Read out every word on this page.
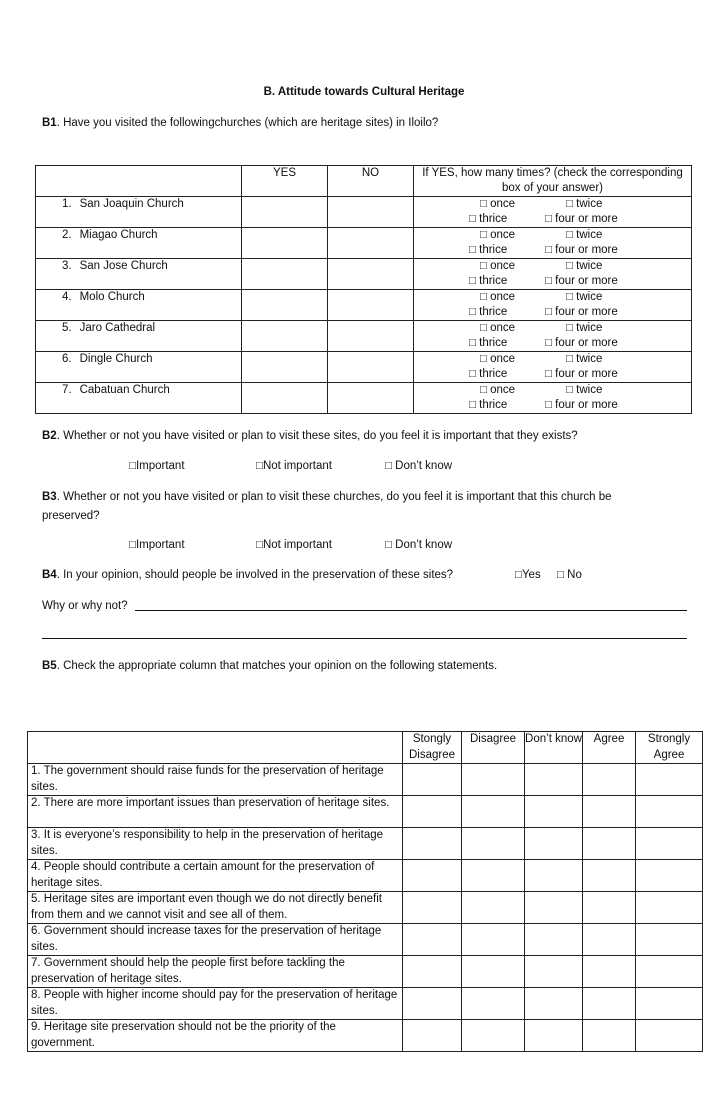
B. Attitude towards Cultural Heritage
B1. Have you visited the followingchurches (which are heritage sites) in Iloilo?
	YES	NO	If YES, how many times? (check the corresponding box of your answer)
1. San Joaquin Church			□ once □ twice
□ thrice □ four or more

2. Miagao Church			□ once □ twice
□ thrice □ four or more

3. San Jose Church			□ once □ twice
□ thrice □ four or more

4. Molo Church			□ once □ twice
□ thrice □ four or more

5. Jaro Cathedral			□ once □ twice
□ thrice □ four or more

6. Dingle Church			□ once □ twice
□ thrice □ four or more

7. Cabatuan Church			□ once □ twice
□ thrice □ four or more
B2. Whether or not you have visited or plan to visit these sites, do you feel it is important that they exists?
□Important	□Not important	□ Don’t know
B3. Whether or not you have visited or plan to visit these churches, do you feel it is important that this church be
preserved?
□Important	□Not important	□ Don’t know
B4. In your opinion, should people be involved in the preservation of these sites?	□Yes □ No
Why or why not?
B5. Check the appropriate column that matches your opinion on the following statements.
	Stongly Disagree	Disagree	Don’t know	Agree	Strongly Agree
1. The government should raise funds for the preservation of heritage sites.					
2. There are more important issues than preservation of heritage sites.					
3. It is everyone’s responsibility to help in the preservation of heritage sites.					
4. People should contribute a certain amount for the preservation of heritage sites.					
5. Heritage sites are important even though we do not directly benefit from them and we cannot visit and see all of them.					
6. Government should increase taxes for the preservation of heritage sites.					
7. Government should help the people first before tackling the preservation of heritage sites.					
8. People with higher income should pay for the preservation of heritage sites.					
9. Heritage site preservation should not be the priority of the government.					
